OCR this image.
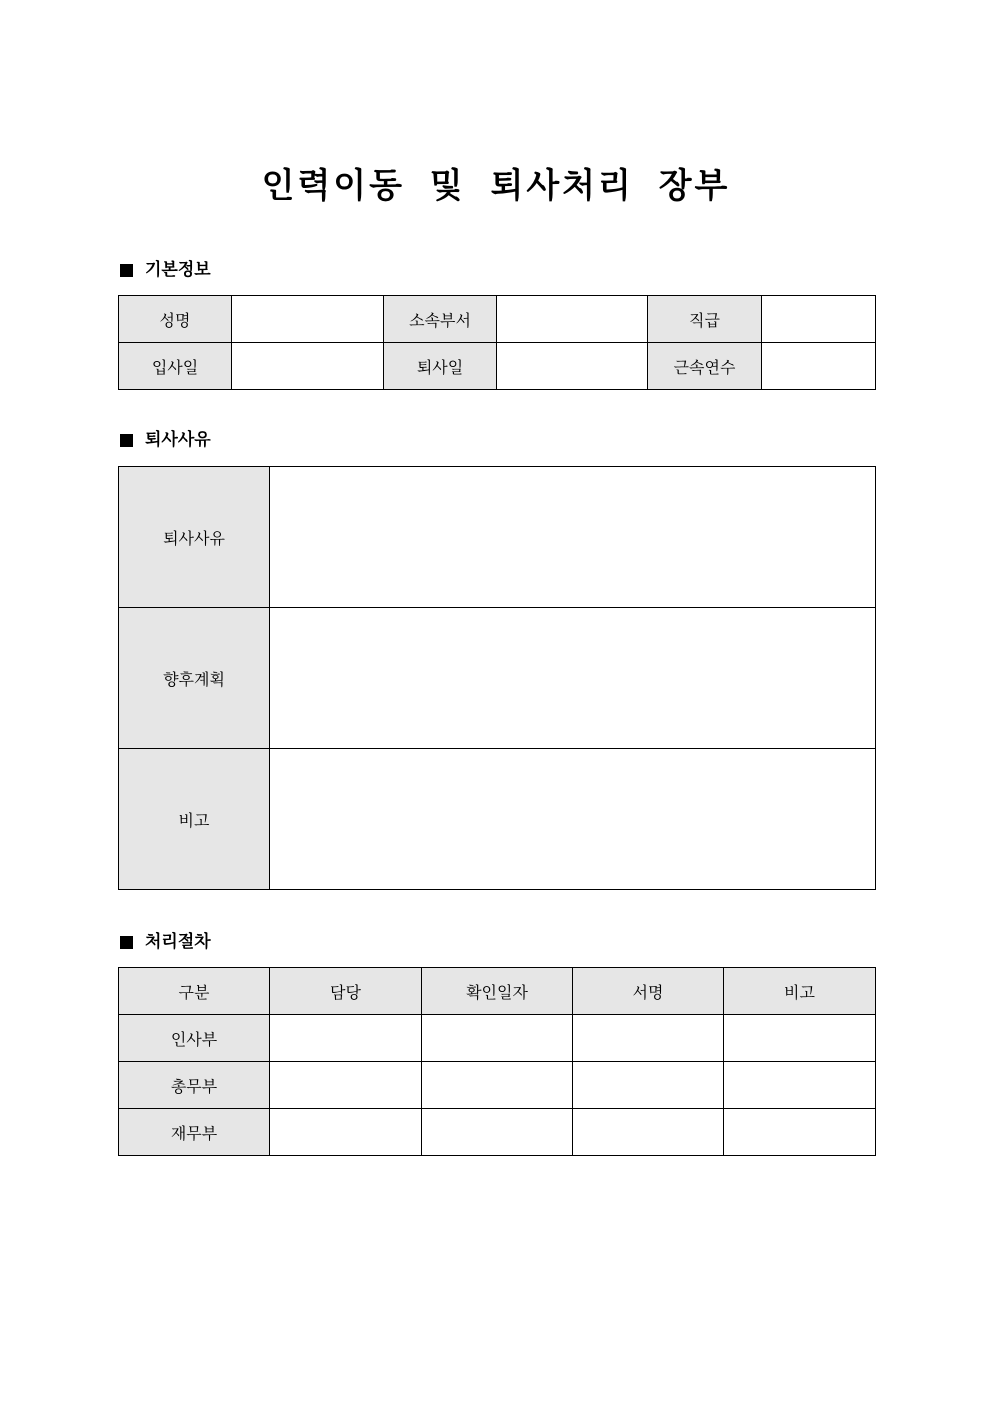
인력이동 및 퇴사처리 장부
기본정보
성명		소속부서		직급	
입사일		퇴사일		근속연수	
퇴사사유
퇴사사유	
향후계획	
비고	
처리절차
구분	담당	확인일자	서명	비고
인사부				
총무부				
재무부				
